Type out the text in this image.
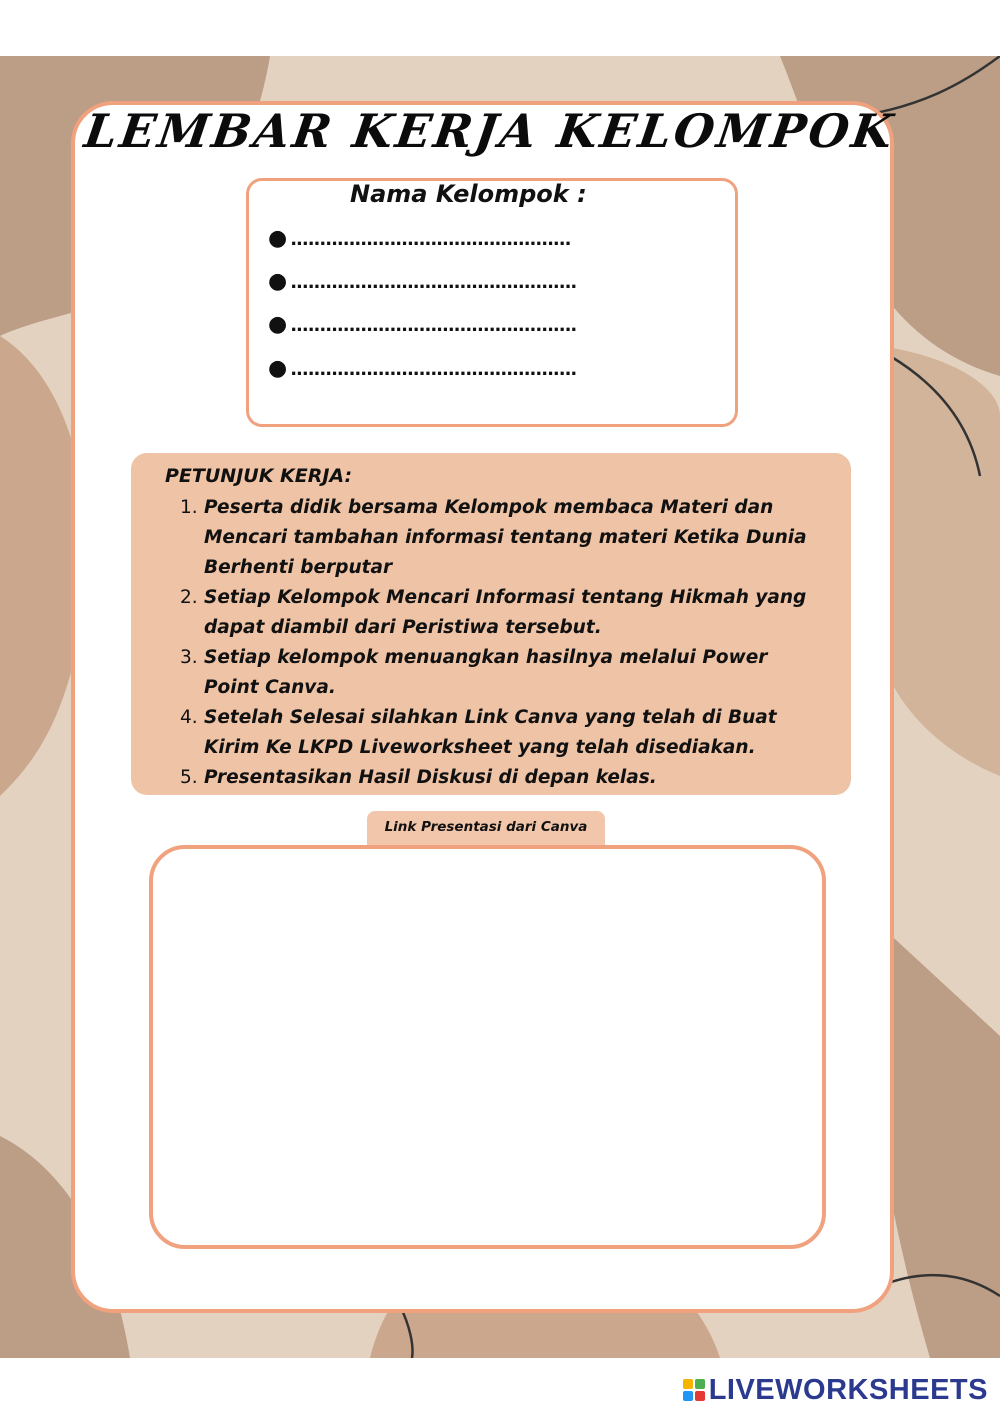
LEMBAR KERJA KELOMPOK
Nama Kelompok :
● ................................................
● .................................................
● .................................................
● .................................................
PETUNJUK KERJA:
1. Peserta didik bersama Kelompok membaca Materi dan Mencari tambahan informasi tentang materi Ketika Dunia Berhenti berputar
2. Setiap Kelompok Mencari Informasi tentang Hikmah yang dapat diambil dari Peristiwa tersebut.
3. Setiap kelompok menuangkan hasilnya melalui Power Point Canva.
4. Setelah Selesai silahkan Link Canva yang telah di Buat Kirim Ke LKPD Liveworksheet yang telah disediakan.
5. Presentasikan Hasil Diskusi di depan kelas.
Link Presentasi dari Canva
LIVEWORKSHEETS
